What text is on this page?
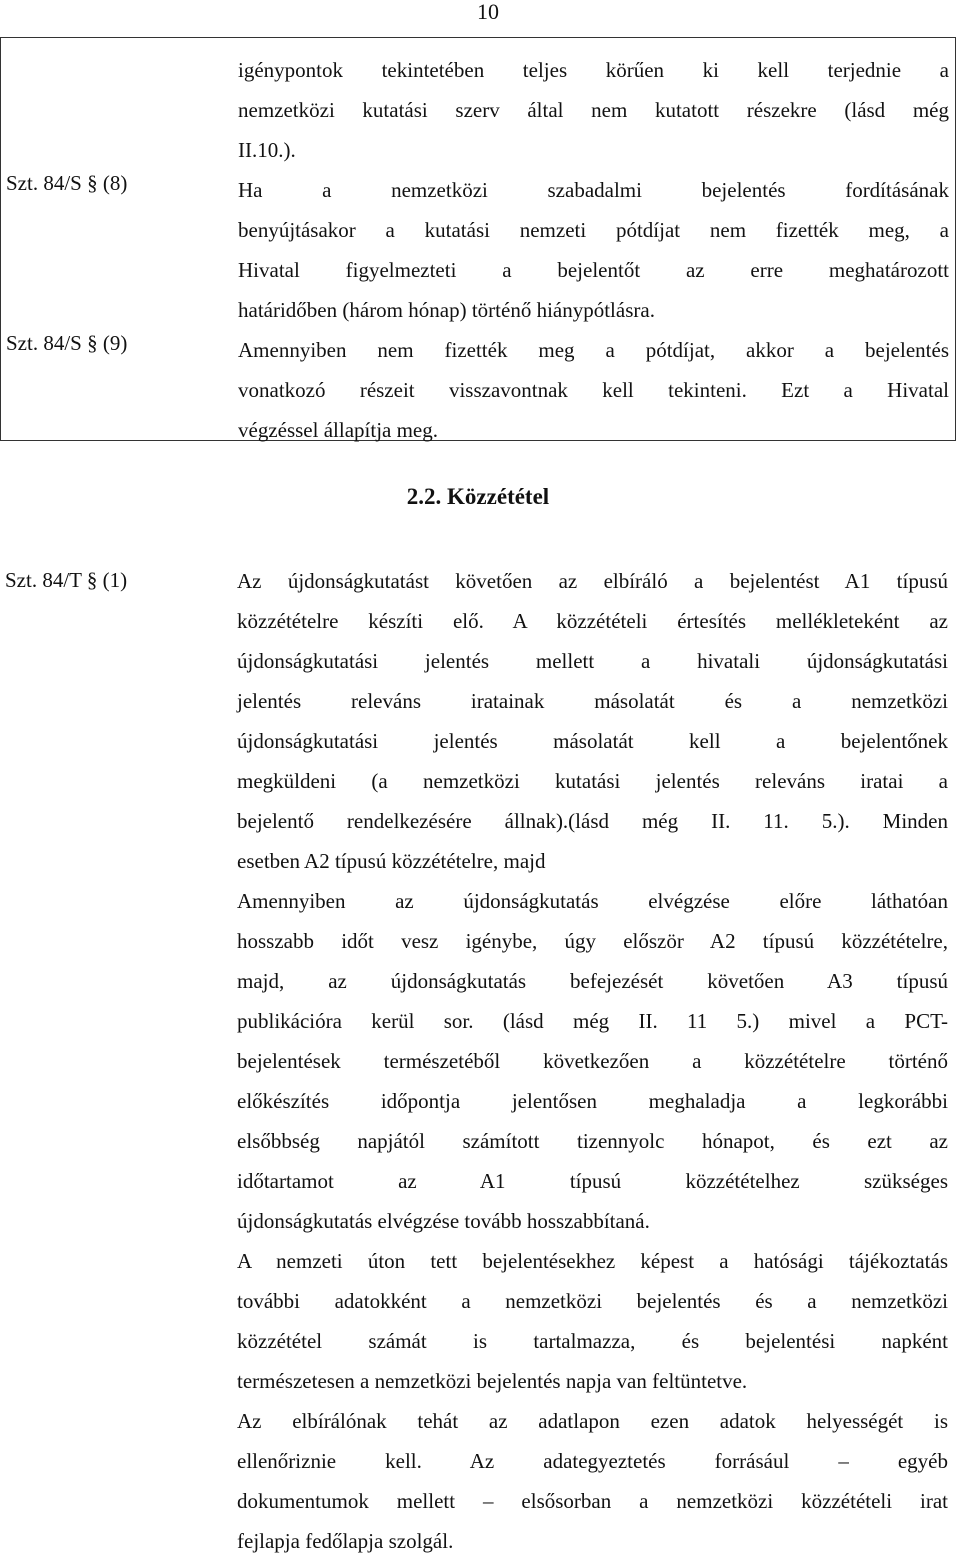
10

igénypontok tekintetében teljes körűen ki kell terjednie a
nemzetközi kutatási szerv által nem kutatott részekre (lásd még
II.10.).

Szt. 84/S § (8)	Ha a nemzetközi szabadalmi bejelentés fordításának
benyújtásakor a kutatási nemzeti pótdíjat nem fizették meg, a
Hivatal figyelmezteti a bejelentőt az erre meghatározott
határidőben (három hónap) történő hiánypótlásra.

Szt. 84/S § (9)	Amennyiben nem fizették meg a pótdíjat, akkor a bejelentés
vonatkozó részeit visszavontnak kell tekinteni. Ezt a Hivatal
végzéssel állapítja meg.

2.2. Közzététel
Szt. 84/T § (1)	Az újdonságkutatást követően az elbíráló a bejelentést A1 típusú
közzétételre készíti elő. A közzétételi értesítés mellékleteként az
újdonságkutatási jelentés mellett a hivatali újdonságkutatási
jelentés releváns iratainak másolatát és a nemzetközi
újdonságkutatási jelentés másolatát kell a bejelentőnek
megküldeni (a nemzetközi kutatási jelentés releváns iratai a
bejelentő rendelkezésére állnak).(lásd még II. 11. 5.). Minden
esetben A2 típusú közzétételre, majd

Amennyiben az újdonságkutatás elvégzése előre láthatóan
hosszabb időt vesz igénybe, úgy először A2 típusú közzétételre,
majd, az újdonságkutatás befejezését követően A3 típusú
publikációra kerül sor. (lásd még II. 11 5.) mivel a PCT-
bejelentések természetéből következően a közzétételre történő
előkészítés időpontja jelentősen meghaladja a legkorábbi
elsőbbség napjától számított tizennyolc hónapot, és ezt az
időtartamot az A1 típusú közzétételhez szükséges
újdonságkutatás elvégzése tovább hosszabbítaná.

A nemzeti úton tett bejelentésekhez képest a hatósági tájékoztatás
további adatokként a nemzetközi bejelentés és a nemzetközi
közzététel számát is tartalmazza, és bejelentési napként
természetesen a nemzetközi bejelentés napja van feltüntetve.

Az elbírálónak tehát az adatlapon ezen adatok helyességét is
ellenőriznie kell. Az adategyeztetés forrásául – egyéb
dokumentumok mellett – elsősorban a nemzetközi közzétételi irat
fejlapja fedőlapja szolgál.
